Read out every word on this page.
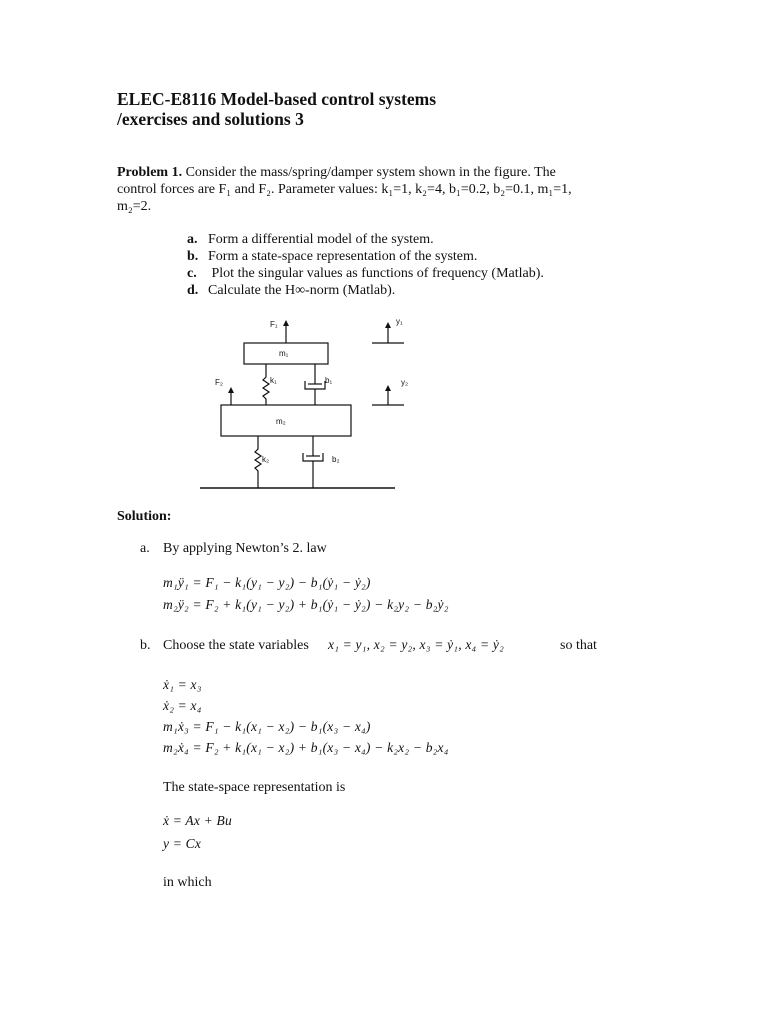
ELEC-E8116 Model-based control systems
/exercises and solutions 3
Problem 1. Consider the mass/spring/damper system shown in the figure. The
control forces are F₁ and F₂. Parameter values: k₁=1, k₂=4, b₁=0.2, b₂=0.1, m₁=1,
m₂=2.
a. Form a differential model of the system.
b. Form a state-space representation of the system.
c. Plot the singular values as functions of frequency (Matlab).
d. Calculate the H∞-norm (Matlab).
F₁
m₁
k₁	b₁
F₂
m₂
k₂	b₂
y₁
y₂
Solution:
a. By applying Newton’s 2. law
m₁ÿ₁ = F₁ − k₁(y₁ − y₂) − b₁(ẏ₁ − ẏ₂)
m₂ÿ₂ = F₂ + k₁(y₁ − y₂) + b₁(ẏ₁ − ẏ₂) − k₂y₂ − b₂ẏ₂
b. Choose the state variables x₁ = y₁, x₂ = y₂, x₃ = ẏ₁, x₄ = ẏ₂	so that
ẋ₁ = x₃
ẋ₂ = x₄
m₁ẋ₃ = F₁ − k₁(x₁ − x₂) − b₁(x₃ − x₄)
m₂ẋ₄ = F₂ + k₁(x₁ − x₂) + b₁(x₃ − x₄) − k₂x₂ − b₂x₄
The state-space representation is
ẋ = Ax + Bu
y = Cx
in which
